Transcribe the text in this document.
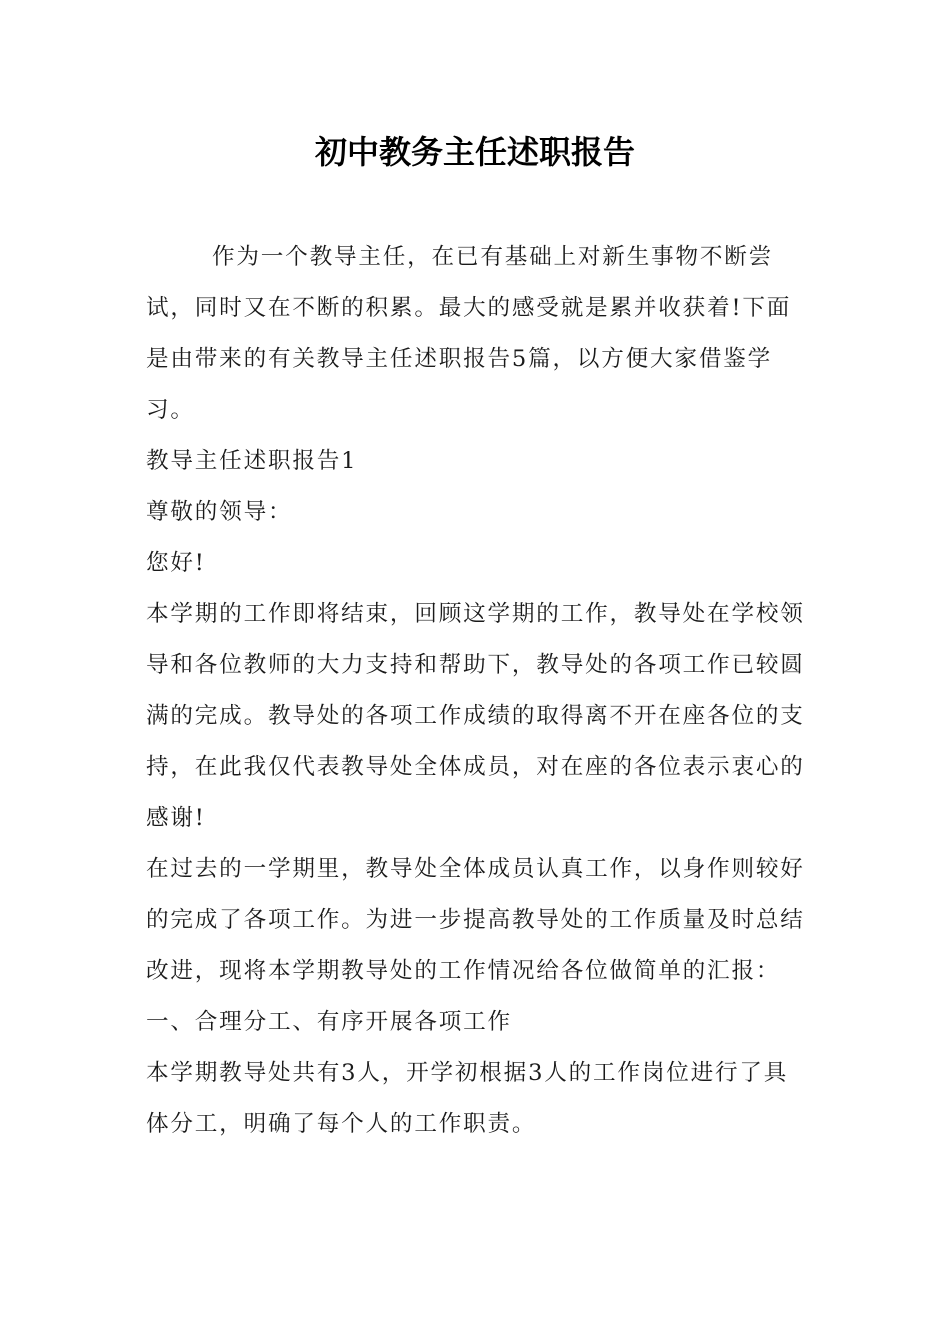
初中教务主任述职报告

作为一个教导主任，在已有基础上对新生事物不断尝试，同时又在不断的积累。最大的感受就是累并收获着!下面是由带来的有关教导主任述职报告5篇，以方便大家借鉴学习。

教导主任述职报告1

尊敬的领导：

您好!

本学期的工作即将结束，回顾这学期的工作，教导处在学校领导和各位教师的大力支持和帮助下，教导处的各项工作已较圆满的完成。教导处的各项工作成绩的取得离不开在座各位的支持，在此我仅代表教导处全体成员，对在座的各位表示衷心的感谢!

在过去的一学期里，教导处全体成员认真工作，以身作则较好的完成了各项工作。为进一步提高教导处的工作质量及时总结改进，现将本学期教导处的工作情况给各位做简单的汇报：

一、合理分工、有序开展各项工作

本学期教导处共有3人，开学初根据3人的工作岗位进行了具体分工，明确了每个人的工作职责。
